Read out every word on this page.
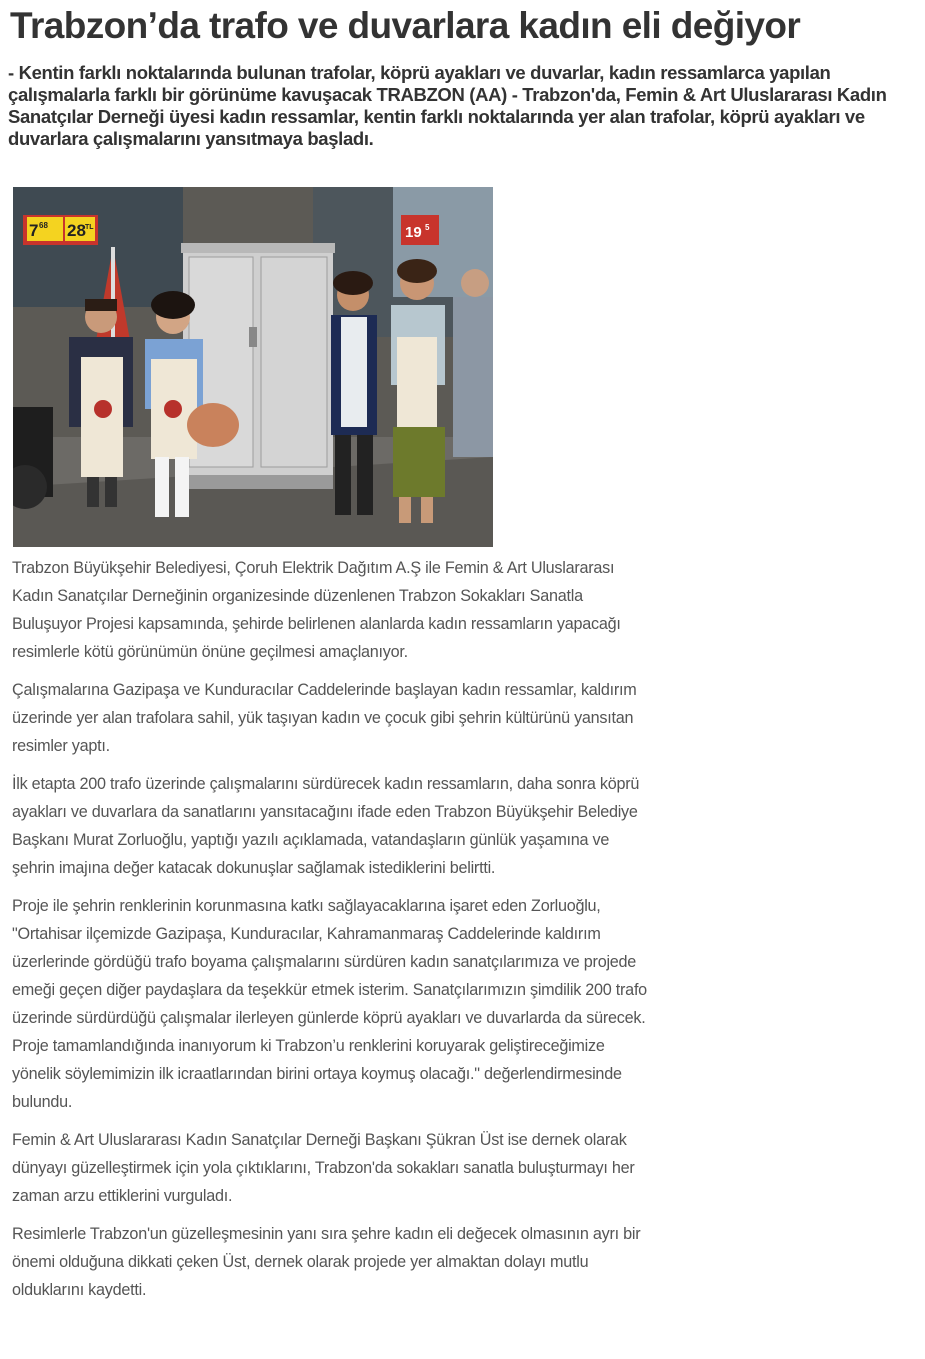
Trabzon’da trafo ve duvarlara kadın eli değiyor

- Kentin farklı noktalarında bulunan trafolar, köprü ayakları ve duvarlar, kadın ressamlarca yapılan çalışmalarla farklı bir görünüme kavuşacak TRABZON (AA) - Trabzon'da, Femin & Art Uluslararası Kadın Sanatçılar Derneği üyesi kadın ressamlar, kentin farklı noktalarında yer alan trafolar, köprü ayakları ve duvarlara çalışmalarını yansıtmaya başladı.

7 68 28 TL	19 5

Trabzon Büyükşehir Belediyesi, Çoruh Elektrik Dağıtım A.Ş ile Femin & Art Uluslararası Kadın Sanatçılar Derneğinin organizesinde düzenlenen Trabzon Sokakları Sanatla Buluşuyor Projesi kapsamında, şehirde belirlenen alanlarda kadın ressamların yapacağı resimlerle kötü görünümün önüne geçilmesi amaçlanıyor.

Çalışmalarına Gazipaşa ve Kunduracılar Caddelerinde başlayan kadın ressamlar, kaldırım üzerinde yer alan trafolara sahil, yük taşıyan kadın ve çocuk gibi şehrin kültürünü yansıtan resimler yaptı.

İlk etapta 200 trafo üzerinde çalışmalarını sürdürecek kadın ressamların, daha sonra köprü ayakları ve duvarlara da sanatlarını yansıtacağını ifade eden Trabzon Büyükşehir Belediye Başkanı Murat Zorluoğlu, yaptığı yazılı açıklamada, vatandaşların günlük yaşamına ve şehrin imajına değer katacak dokunuşlar sağlamak istediklerini belirtti.

Proje ile şehrin renklerinin korunmasına katkı sağlayacaklarına işaret eden Zorluoğlu, "Ortahisar ilçemizde Gazipaşa, Kunduracılar, Kahramanmaraş Caddelerinde kaldırım üzerlerinde gördüğü trafo boyama çalışmalarını sürdüren kadın sanatçılarımıza ve projede emeği geçen diğer paydaşlara da teşekkür etmek isterim. Sanatçılarımızın şimdilik 200 trafo üzerinde sürdürdüğü çalışmalar ilerleyen günlerde köprü ayakları ve duvarlarda da sürecek. Proje tamamlandığında inanıyorum ki Trabzon’u renklerini koruyarak geliştireceğimize yönelik söylemimizin ilk icraatlarından birini ortaya koymuş olacağı." değerlendirmesinde bulundu.

Femin & Art Uluslararası Kadın Sanatçılar Derneği Başkanı Şükran Üst ise dernek olarak dünyayı güzelleştirmek için yola çıktıklarını, Trabzon'da sokakları sanatla buluşturmayı her zaman arzu ettiklerini vurguladı.

Resimlerle Trabzon'un güzelleşmesinin yanı sıra şehre kadın eli değecek olmasının ayrı bir önemi olduğuna dikkati çeken Üst, dernek olarak projede yer almaktan dolayı mutlu olduklarını kaydetti.
